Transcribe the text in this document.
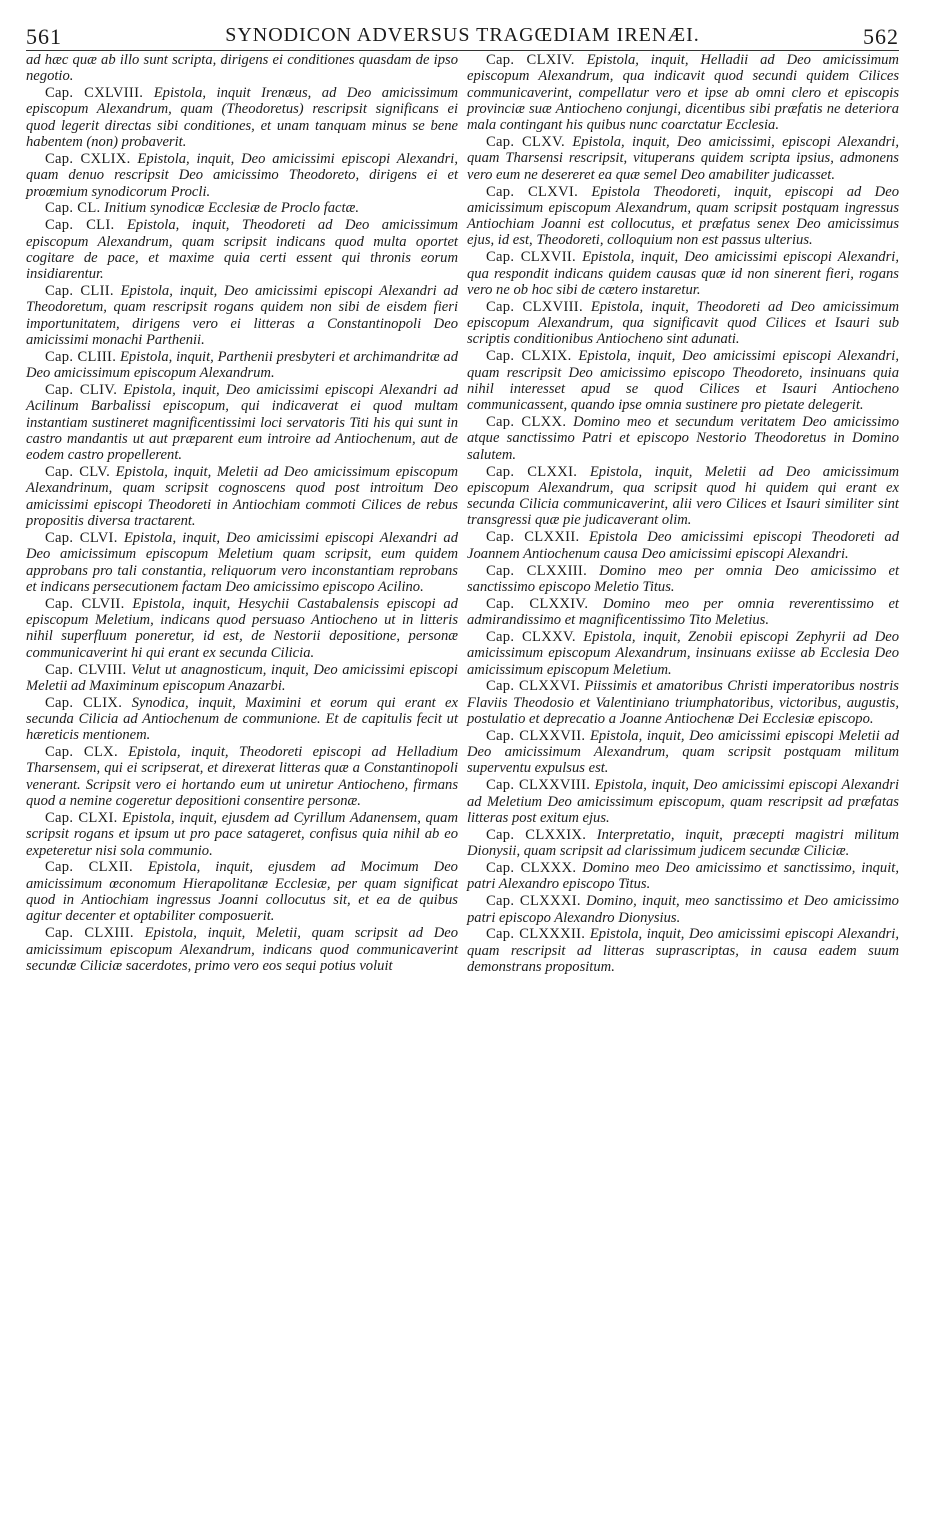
561	SYNODICON ADVERSUS TRAGŒDIAM IRENÆI.	562

ad hæc quæ ab illo sunt scripta, dirigens ei conditiones quasdam de ipso negotio.

Cap. CXLVIII. Epistola, inquit Irenæus, ad Deo amicissimum episcopum Alexandrum, quam (Theodoretus) rescripsit significans ei quod legerit directas sibi conditiones, et unam tanquam minus se bene habentem (non) probaverit.

Cap. CXLIX. Epistola, inquit, Deo amicissimi episcopi Alexandri, quam denuo rescripsit Deo amicissimo Theodoreto, dirigens ei et proœmium synodicorum Procli.

Cap. CL. Initium synodicæ Ecclesiæ de Proclo factæ.

Cap. CLI. Epistola, inquit, Theodoreti ad Deo amicissimum episcopum Alexandrum, quam scripsit indicans quod multa oportet cogitare de pace, et maxime quia certi essent qui thronis eorum insidiarentur.

Cap. CLII. Epistola, inquit, Deo amicissimi episcopi Alexandri ad Theodoretum, quam rescripsit rogans quidem non sibi de eisdem fieri importunitatem, dirigens vero ei litteras a Constantinopoli Deo amicissimi monachi Parthenii.

Cap. CLIII. Epistola, inquit, Parthenii presbyteri et archimandritæ ad Deo amicissimum episcopum Alexandrum.

Cap. CLIV. Epistola, inquit, Deo amicissimi episcopi Alexandri ad Acilinum Barbalissi episcopum, qui indicaverat ei quod multam instantiam sustineret magnificentissimi loci servatoris Titi his qui sunt in castro mandantis ut aut præparent eum introire ad Antiochenum, aut de eodem castro propellerent.

Cap. CLV. Epistola, inquit, Meletii ad Deo amicissimum episcopum Alexandrinum, quam scripsit cognoscens quod post introitum Deo amicissimi episcopi Theodoreti in Antiochiam commoti Cilices de rebus propositis diversa tractarent.

Cap. CLVI. Epistola, inquit, Deo amicissimi episcopi Alexandri ad Deo amicissimum episcopum Meletium quam scripsit, eum quidem approbans pro tali constantia, reliquorum vero inconstantiam reprobans et indicans persecutionem factam Deo amicissimo episcopo Acilino.

Cap. CLVII. Epistola, inquit, Hesychii Castabalensis episcopi ad episcopum Meletium, indicans quod persuaso Antiocheno ut in litteris nihil superfluum poneretur, id est, de Nestorii depositione, personæ communicaverint hi qui erant ex secunda Cilicia.

Cap. CLVIII. Velut ut anagnosticum, inquit, Deo amicissimi episcopi Meletii ad Maximinum episcopum Anazarbi.

Cap. CLIX. Synodica, inquit, Maximini et eorum qui erant ex secunda Cilicia ad Antiochenum de communione. Et de capitulis fecit ut hæreticis mentionem.

Cap. CLX. Epistola, inquit, Theodoreti episcopi ad Helladium Tharsensem, qui ei scripserat, et direxerat litteras quæ a Constantinopoli venerant. Scripsit vero ei hortando eum ut uniretur Antiocheno, firmans quod a nemine cogeretur depositioni consentire personæ.

Cap. CLXI. Epistola, inquit, ejusdem ad Cyrillum Adanensem, quam scripsit rogans et ipsum ut pro pace satageret, confisus quia nihil ab eo expeteretur nisi sola communio.

Cap. CLXII. Epistola, inquit, ejusdem ad Mocimum Deo amicissimum œconomum Hierapolitanæ Ecclesiæ, per quam significat quod in Antiochiam ingressus Joanni collocutus sit, et ea de quibus agitur decenter et optabiliter composuerit.

Cap. CLXIII. Epistola, inquit, Meletii, quam scripsit ad Deo amicissimum episcopum Alexandrum, indicans quod communicaverint secundæ Ciliciæ sacerdotes, primo vero eos sequi potius voluit

Cap. CLXIV. Epistola, inquit, Helladii ad Deo amicissimum episcopum Alexandrum, qua indicavit quod secundi quidem Cilices communicaverint, compellatur vero et ipse ab omni clero et episcopis provinciæ suæ Antiocheno conjungi, dicentibus sibi præfatis ne deteriora mala contingant his quibus nunc coarctatur Ecclesia.

Cap. CLXV. Epistola, inquit, Deo amicissimi, episcopi Alexandri, quam Tharsensi rescripsit, vituperans quidem scripta ipsius, admonens vero eum ne desereret ea quæ semel Deo amabiliter judicasset.

Cap. CLXVI. Epistola Theodoreti, inquit, episcopi ad Deo amicissimum episcopum Alexandrum, quam scripsit postquam ingressus Antiochiam Joanni est collocutus, et præfatus senex Deo amicissimus ejus, id est, Theodoreti, colloquium non est passus ulterius.

Cap. CLXVII. Epistola, inquit, Deo amicissimi episcopi Alexandri, qua respondit indicans quidem causas quæ id non sinerent fieri, rogans vero ne ob hoc sibi de cætero instaretur.

Cap. CLXVIII. Epistola, inquit, Theodoreti ad Deo amicissimum episcopum Alexandrum, qua significavit quod Cilices et Isauri sub scriptis conditionibus Antiocheno sint adunati.

Cap. CLXIX. Epistola, inquit, Deo amicissimi episcopi Alexandri, quam rescripsit Deo amicissimo episcopo Theodoreto, insinuans quia nihil interesset apud se quod Cilices et Isauri Antiocheno communicassent, quando ipse omnia sustinere pro pietate delegerit.

Cap. CLXX. Domino meo et secundum veritatem Deo amicissimo atque sanctissimo Patri et episcopo Nestorio Theodoretus in Domino salutem.

Cap. CLXXI. Epistola, inquit, Meletii ad Deo amicissimum episcopum Alexandrum, qua scripsit quod hi quidem qui erant ex secunda Cilicia communicaverint, alii vero Cilices et Isauri similiter sint transgressi quæ pie judicaverant olim.

Cap. CLXXII. Epistola Deo amicissimi episcopi Theodoreti ad Joannem Antiochenum causa Deo amicissimi episcopi Alexandri.

Cap. CLXXIII. Domino meo per omnia Deo amicissimo et sanctissimo episcopo Meletio Titus.

Cap. CLXXIV. Domino meo per omnia reverentissimo et admirandissimo et magnificentissimo Tito Meletius.

Cap. CLXXV. Epistola, inquit, Zenobii episcopi Zephyrii ad Deo amicissimum episcopum Alexandrum, insinuans exiisse ab Ecclesia Deo amicissimum episcopum Meletium.

Cap. CLXXVI. Piissimis et amatoribus Christi imperatoribus nostris Flaviis Theodosio et Valentiniano triumphatoribus, victoribus, augustis, postulatio et deprecatio a Joanne Antiochenæ Dei Ecclesiæ episcopo.

Cap. CLXXVII. Epistola, inquit, Deo amicissimi episcopi Meletii ad Deo amicissimum Alexandrum, quam scripsit postquam militum superventu expulsus est.

Cap. CLXXVIII. Epistola, inquit, Deo amicissimi episcopi Alexandri ad Meletium Deo amicissimum episcopum, quam rescripsit ad præfatas litteras post exitum ejus.

Cap. CLXXIX. Interpretatio, inquit, præcepti magistri militum Dionysii, quam scripsit ad clarissimum judicem secundæ Ciliciæ.

Cap. CLXXX. Domino meo Deo amicissimo et sanctissimo, inquit, patri Alexandro episcopo Titus.

Cap. CLXXXI. Domino, inquit, meo sanctissimo et Deo amicissimo patri episcopo Alexandro Dionysius.

Cap. CLXXXII. Epistola, inquit, Deo amicissimi episcopi Alexandri, quam rescripsit ad litteras suprascriptas, in causa eadem suum demonstrans propositum.
